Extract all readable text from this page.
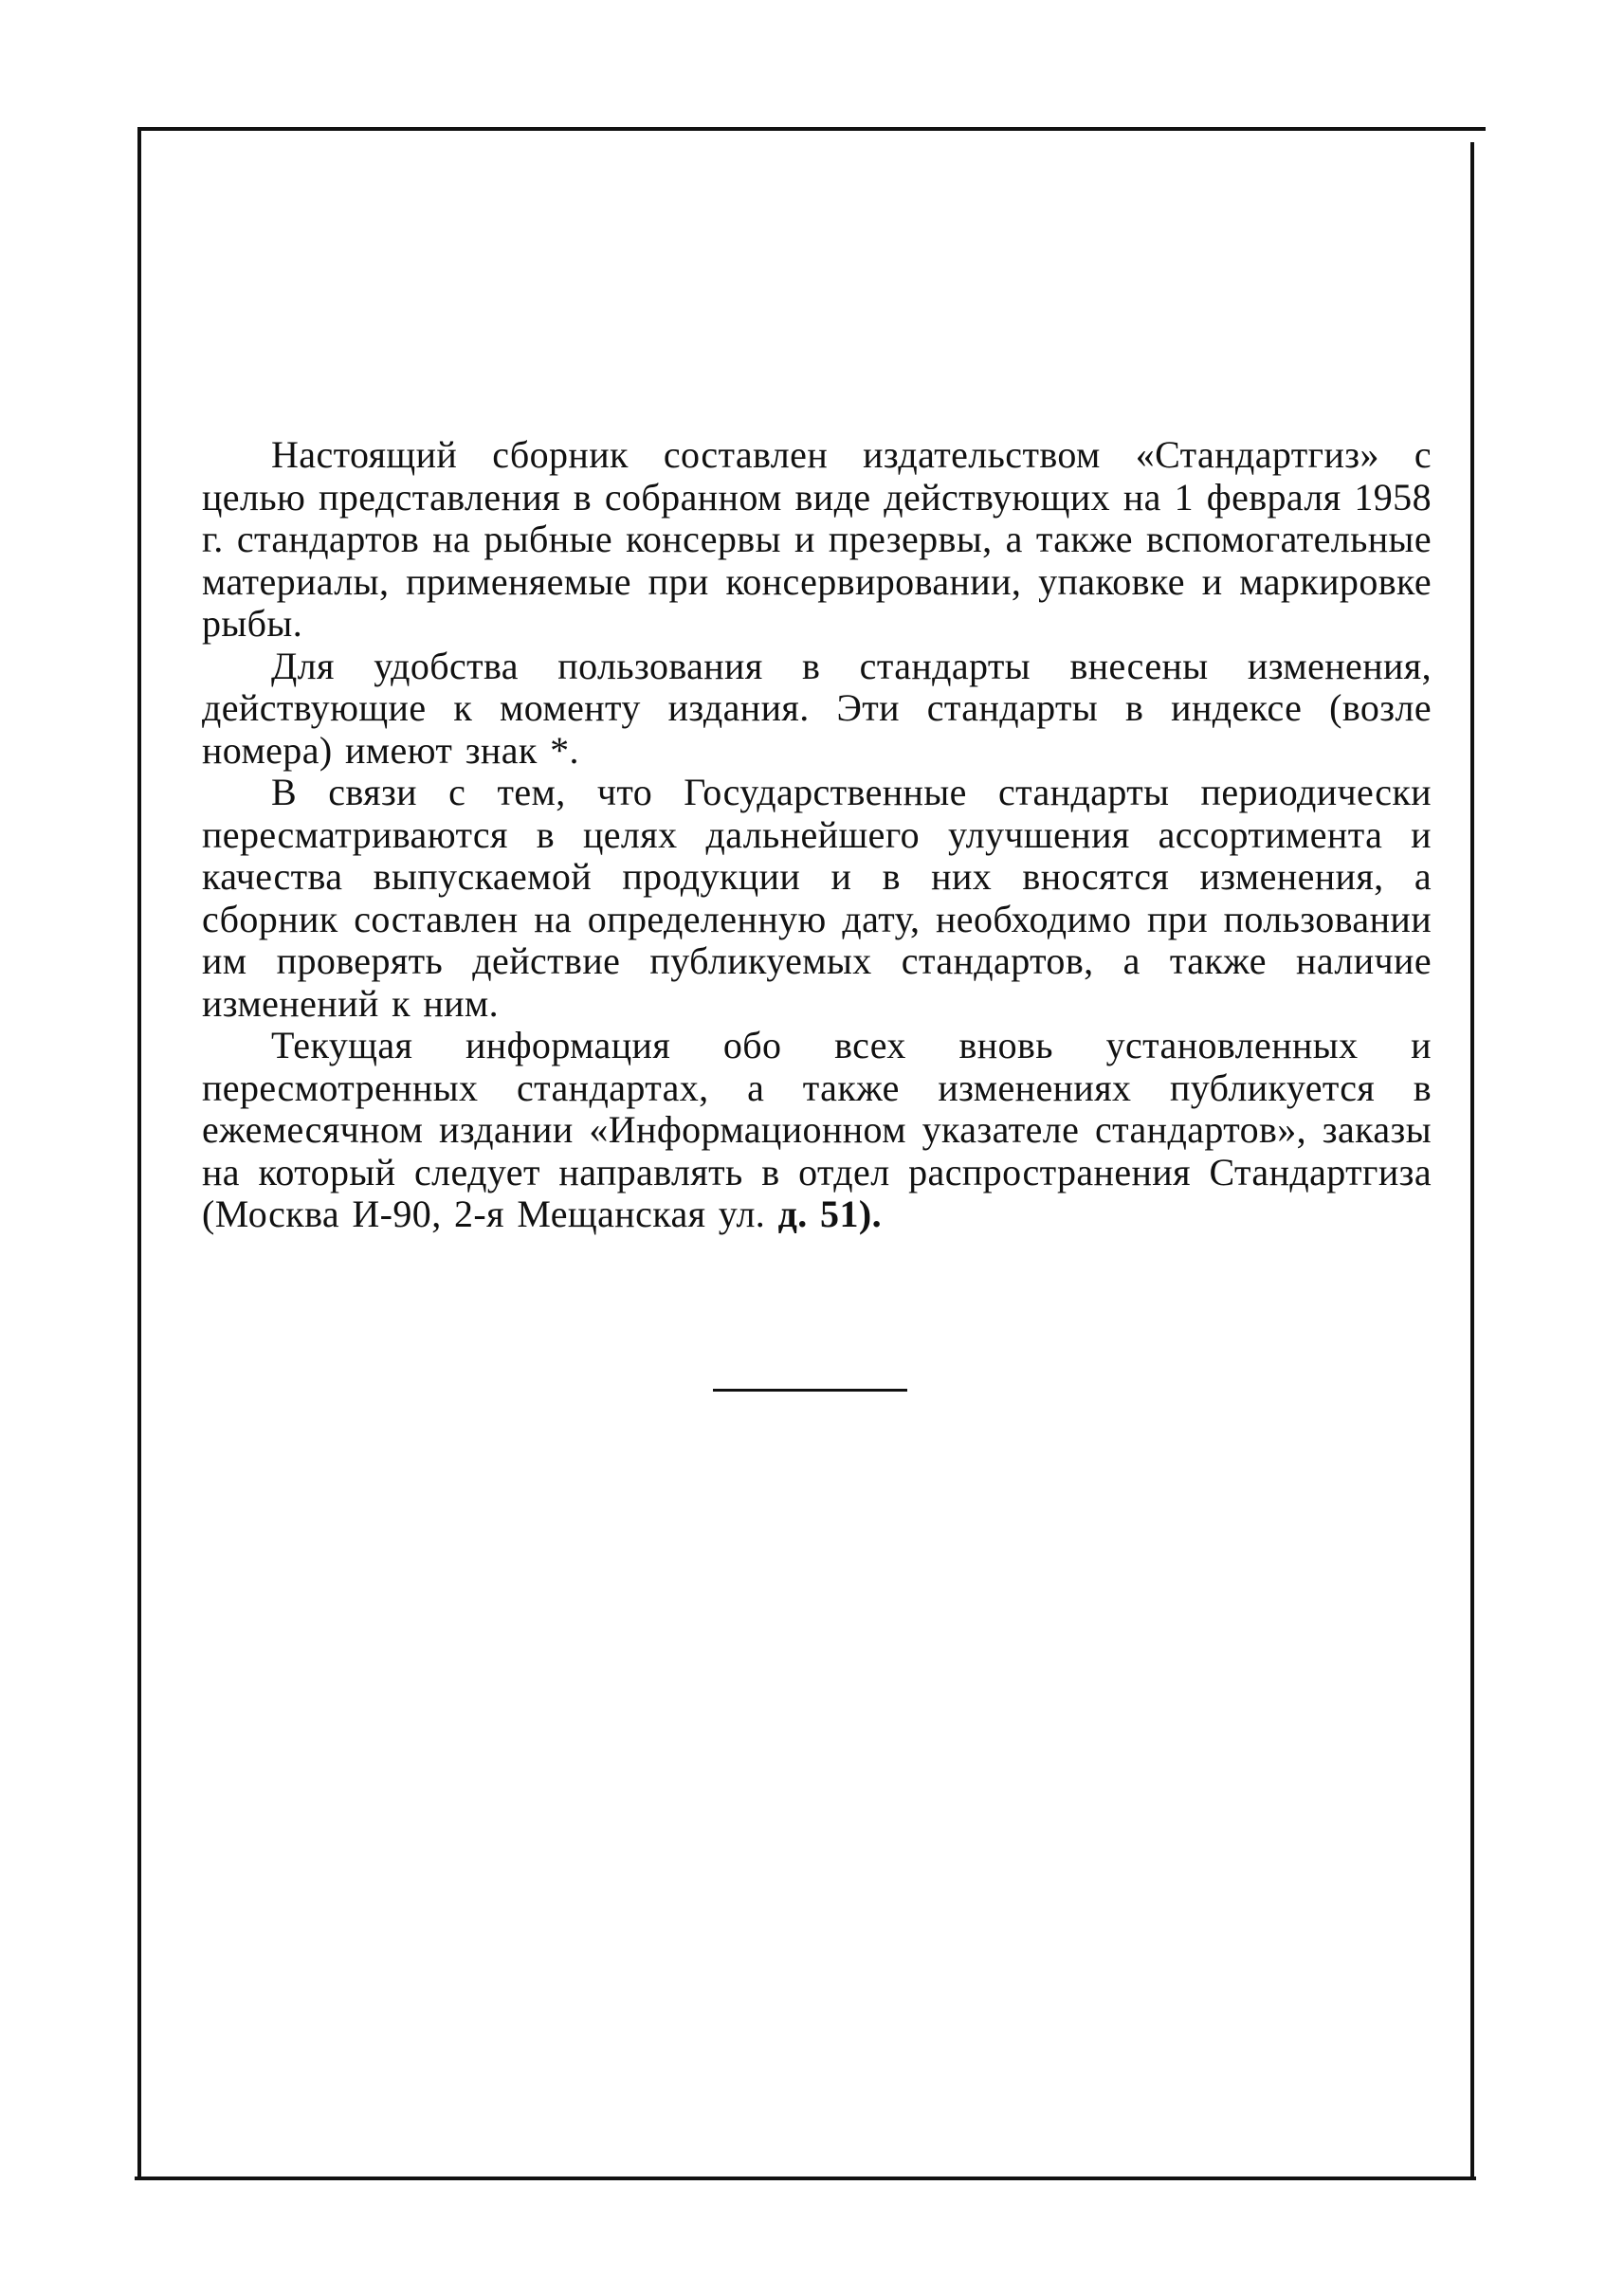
Настоящий сборник составлен издательством «Стандартгиз» с целью представления в собранном виде действующих на 1 февраля 1958 г. стандартов на рыбные консервы и презервы, а также вспомогательные материалы, применяемые при консервировании, упаковке и маркировке рыбы.

Для удобства пользования в стандарты внесены изменения, действующие к моменту издания. Эти стандарты в индексе (возле номера) имеют знак *.

В связи с тем, что Государственные стандарты периодически пересматриваются в целях дальнейшего улучшения ассортимента и качества выпускаемой продукции и в них вносятся изменения, а сборник составлен на определенную дату, необходимо при пользовании им проверять действие публикуемых стандартов, а также наличие изменений к ним.

Текущая информация обо всех вновь установленных и пересмотренных стандартах, а также изменениях публикуется в ежемесячном издании «Информационном указателе стандартов», заказы на который следует направлять в отдел распространения Стандартгиза (Москва И-90, 2-я Мещанская ул. д. 51).
